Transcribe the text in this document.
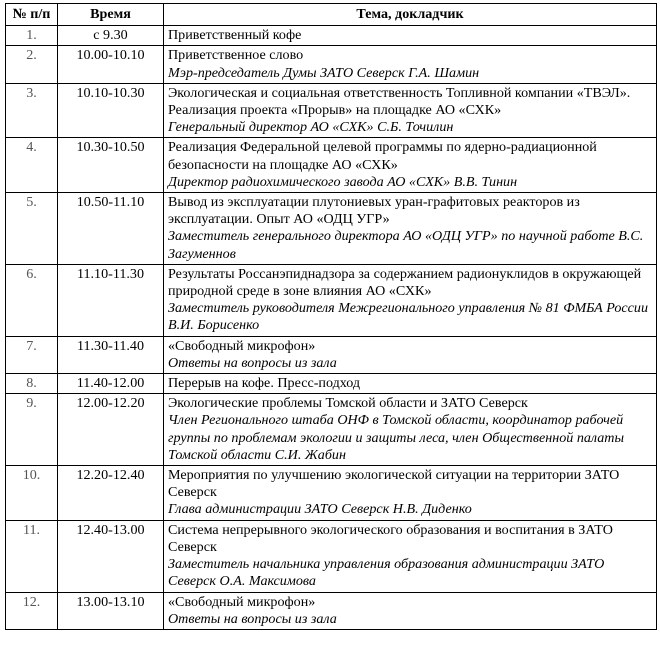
№ п/п	Время	Тема, докладчик
1.	с 9.30	Приветственный кофе

2.	10.00-10.10	Приветственное слово
Мэр-председатель Думы ЗАТО Северск Г.А. Шамин

3.	10.10-10.30	Экологическая и социальная ответственность Топливной компании «ТВЭЛ». Реализация проекта «Прорыв» на площадке АО «СХК»
Генеральный директор АО «СХК» С.Б. Точилин

4.	10.30-10.50	Реализация Федеральной целевой программы по ядерно-радиационной безопасности на площадке АО «СХК»
Директор радиохимического завода АО «СХК» В.В. Тинин

5.	10.50-11.10	Вывод из эксплуатации плутониевых уран-графитовых реакторов из эксплуатации. Опыт АО «ОДЦ УГР»
Заместитель генерального директора АО «ОДЦ УГР» по научной работе В.С. Загуменнов

6.	11.10-11.30	Результаты Россанэпиднадзора за содержанием радионуклидов в окружающей природной среде в зоне влияния АО «СХК»
Заместитель руководителя Межрегионального управления № 81 ФМБА России В.И. Борисенко

7.	11.30-11.40	«Свободный микрофон»
Ответы на вопросы из зала

8.	11.40-12.00	Перерыв на кофе. Пресс-подход

9.	12.00-12.20	Экологические проблемы Томской области и ЗАТО Северск
Член Регионального штаба ОНФ в Томской области, координатор рабочей группы по проблемам экологии и защиты леса, член Общественной палаты Томской области С.И. Жабин

10.	12.20-12.40	Мероприятия по улучшению экологической ситуации на территории ЗАТО Северск
Глава администрации ЗАТО Северск Н.В. Диденко

11.	12.40-13.00	Система непрерывного экологического образования и воспитания в ЗАТО Северск
Заместитель начальника управления образования администрации ЗАТО Северск О.А. Максимова

12.	13.00-13.10	«Свободный микрофон»
Ответы на вопросы из зала
